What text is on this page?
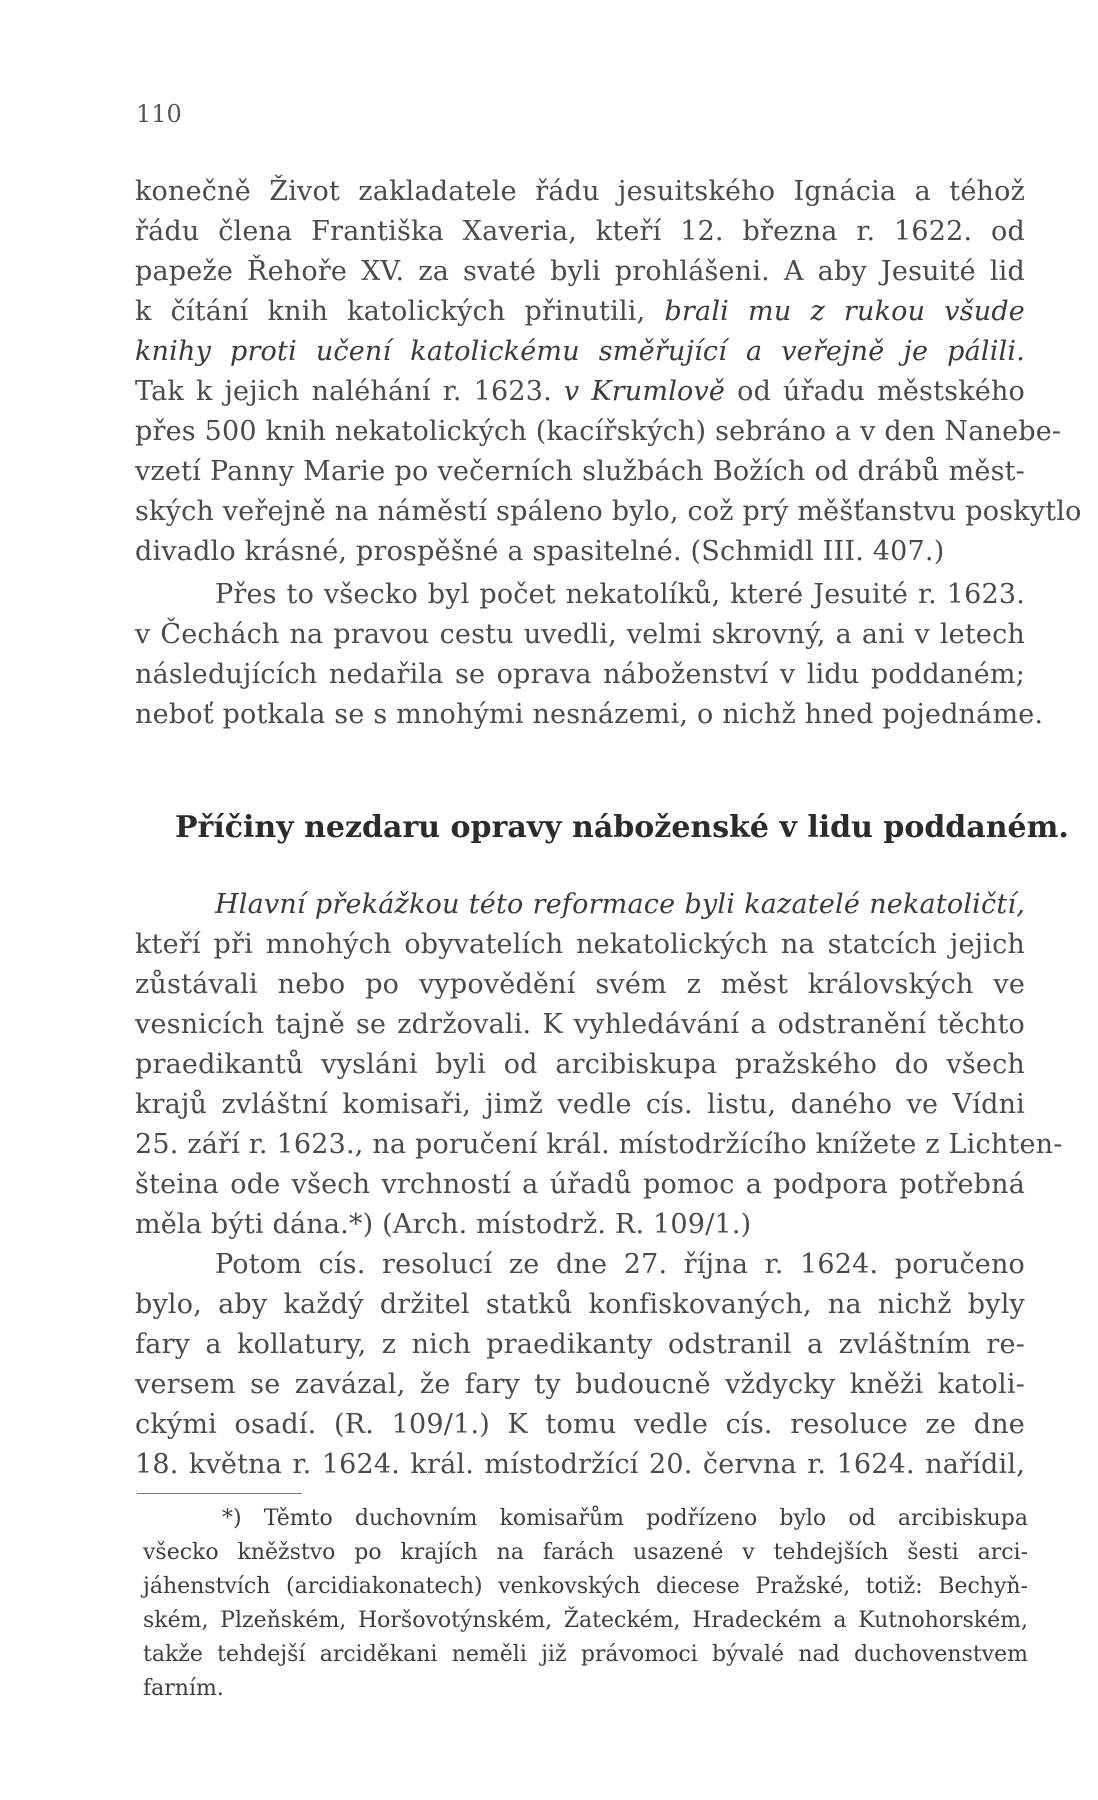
110
konečně Život zakladatele řádu jesuitského Ignácia a téhož
řádu člena Františka Xaveria, kteří 12. března r. 1622. od
papeže Řehoře XV. za svaté byli prohlášeni. A aby Jesuité lid
k čítání knih katolických přinutili, brali mu z rukou všude
knihy proti učení katolickému směřující a veřejně je pálili.
Tak k jejich naléhání r. 1623. v Krumlově od úřadu městského
přes 500 knih nekatolických (kacířských) sebráno a v den Nanebe-
vzetí Panny Marie po večerních službách Božích od drábů měst-
ských veřejně na náměstí spáleno bylo, což prý měšťanstvu poskytlo
divadlo krásné, prospěšné a spasitelné. (Schmidl III. 407.)
Přes to všecko byl počet nekatolíků, které Jesuité r. 1623.
v Čechách na pravou cestu uvedli, velmi skrovný, a ani v letech
následujících nedařila se oprava náboženství v lidu poddaném;
neboť potkala se s mnohými nesnázemi, o nichž hned pojednáme.
Příčiny nezdaru opravy náboženské v lidu poddaném.
Hlavní překážkou této reformace byli kazatelé nekatoličtí,
kteří při mnohých obyvatelích nekatolických na statcích jejich
zůstávali nebo po vypovědění svém z měst královských ve
vesnicích tajně se zdržovali. K vyhledávání a odstranění těchto
praedikantů vysláni byli od arcibiskupa pražského do všech
krajů zvláštní komisaři, jimž vedle cís. listu, daného ve Vídni
25. září r. 1623., na poručení král. místodržícího knížete z Lichten-
šteina ode všech vrchností a úřadů pomoc a podpora potřebná
měla býti dána.*) (Arch. místodrž. R. 109/1.)
Potom cís. resolucí ze dne 27. října r. 1624. poručeno
bylo, aby každý držitel statků konfiskovaných, na nichž byly
fary a kollatury, z nich praedikanty odstranil a zvláštním re-
versem se zavázal, že fary ty budoucně vždycky kněži katoli-
ckými osadí. (R. 109/1.) K tomu vedle cís. resoluce ze dne
18. května r. 1624. král. místodržící 20. června r. 1624. nařídil,
*) Těmto duchovním komisařům podřízeno bylo od arcibiskupa
všecko kněžstvo po krajích na farách usazené v tehdejších šesti arci-
jáhenstvích (arcidiakonatech) venkovských diecese Pražské, totiž: Bechyň-
ském, Plzeňském, Horšovotýnském, Žateckém, Hradeckém a Kutnohorském,
takže tehdejší arciděkani neměli již právomoci bývalé nad duchovenstvem
farním.
